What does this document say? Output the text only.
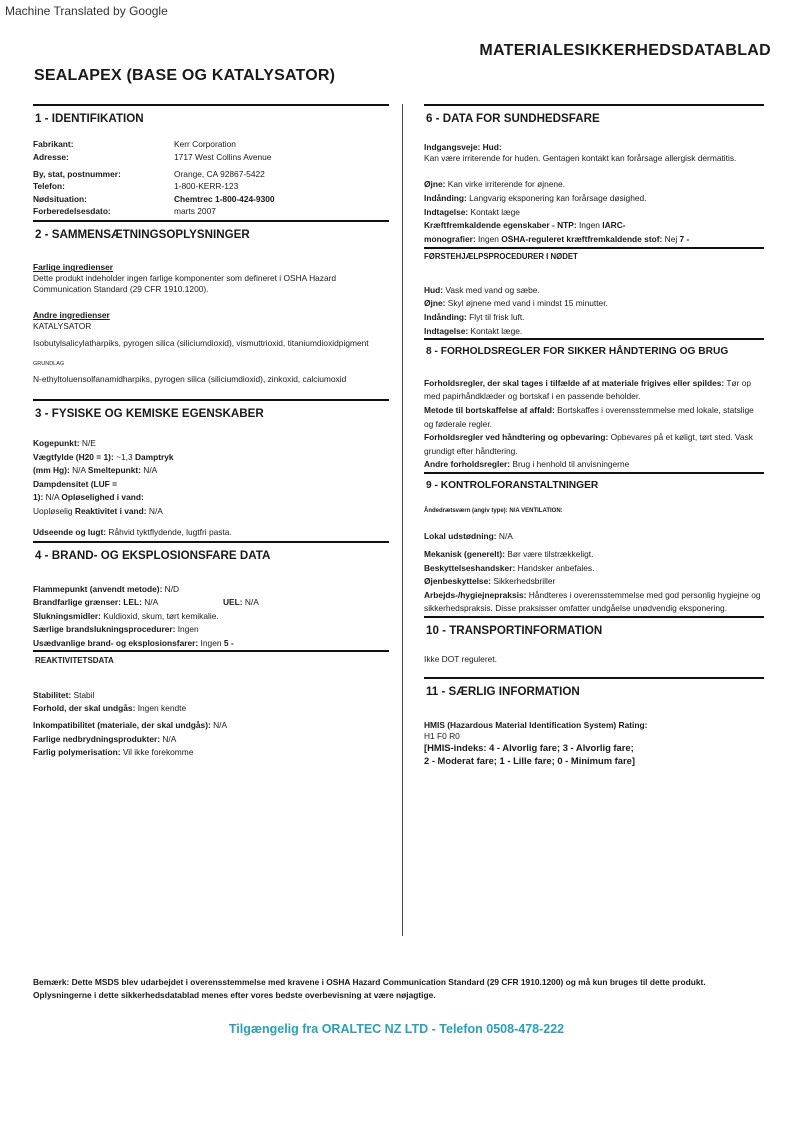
Machine Translated by Google
MATERIALESIKKERHEDSDATABLAD
SEALAPEX (BASE OG KATALYSATOR)
1 - IDENTIFIKATION
Fabrikant:	Kerr Corporation
Adresse:	1717 West Collins Avenue
By, stat, postnummer:	Orange, CA 92867-5422
Telefon:	1-800-KERR-123
Nødsituation:	Chemtrec 1-800-424-9300
Forberedelsesdato:	marts 2007
2 - SAMMENSÆTNINGSOPLYSNINGER

Farlige ingredienser

Dette produkt indeholder ingen farlige komponenter som defineret i OSHA Hazard Communication Standard (29 CFR 1910.1200).

Andre ingredienser

KATALYSATOR

Isobutylsalicylatharpiks, pyrogen silica (siliciumdioxid), vismuttrioxid, titaniumdioxidpigment

GRUNDLAG

N-ethyltoluensolfanamidharpiks, pyrogen silica (siliciumdioxid), zinkoxid, calciumoxid

3 - FYSISKE OG KEMISKE EGENSKABER

Kogepunkt: N/E

Vægtfylde (H20 = 1): ~1,3 Damptryk

(mm Hg): N/A Smeltepunkt: N/A

Dampdensitet (LUF =

1): N/A Opløselighed i vand:

Uopløselig Reaktivitet i vand: N/A

Udseende og lugt: Råhvid tyktflydende, lugtfri pasta.

4 - BRAND- OG EKSPLOSIONSFARE DATA

Flammepunkt (anvendt metode): N/D

Brandfarlige grænser: LEL: N/A	UEL: N/A

Slukningsmidler: Kuldioxid, skum, tørt kemikalie.

Særlige brandslukningsprocedurer: Ingen

Usædvanlige brand- og eksplosionsfarer: Ingen 5 -

REAKTIVITETSDATA

Stabilitet: Stabil

Forhold, der skal undgås: Ingen kendte

Inkompatibilitet (materiale, der skal undgås): N/A

Farlige nedbrydningsprodukter: N/A

Farlig polymerisation: Vil ikke forekomme

6 - DATA FOR SUNDHEDSFARE

Indgangsveje: Hud:

Kan være irriterende for huden. Gentagen kontakt kan forårsage allergisk dermatitis.

Øjne: Kan virke irriterende for øjnene.

Indånding: Langvarig eksponering kan forårsage døsighed.

Indtagelse: Kontakt læge

Kræftfremkaldende egenskaber - NTP: Ingen IARC-

monografier: Ingen OSHA-reguleret kræftfremkaldende stof: Nej 7 -

FØRSTEHJÆLPSPROCEDURER I NØDET

Hud: Vask med vand og sæbe.

Øjne: Skyl øjnene med vand i mindst 15 minutter.

Indånding: Flyt til frisk luft.

Indtagelse: Kontakt læge.

8 - FORHOLDSREGLER FOR SIKKER HÅNDTERING OG BRUG

Forholdsregler, der skal tages i tilfælde af at materiale frigives eller spildes: Tør op med papirhåndklæder og bortskaf i en passende beholder.

Metode til bortskaffelse af affald: Bortskaffes i overensstemmelse med lokale, statslige og føderale regler.

Forholdsregler ved håndtering og opbevaring: Opbevares på et køligt, tørt sted. Vask grundigt efter håndtering.

Andre forholdsregler: Brug i henhold til anvisningerne

9 - KONTROLFORANSTALTNINGER

Åndedrætsværn (angiv type): N/A VENTILATION:

Lokal udstødning: N/A

Mekanisk (generelt): Bør være tilstrækkeligt.

Beskyttelseshandsker: Handsker anbefales.

Øjenbeskyttelse: Sikkerhedsbriller

Arbejds-/hygiejnepraksis: Håndteres i overensstemmelse med god personlig hygiejne og sikkerhedspraksis. Disse praksisser omfatter undgåelse unødvendig eksponering.

10 - TRANSPORTINFORMATION

Ikke DOT reguleret.

11 - SÆRLIG INFORMATION

HMIS (Hazardous Material Identification System) Rating:

H1 F0 R0

[HMIS-indeks: 4 - Alvorlig fare; 3 - Alvorlig fare;

2 - Moderat fare; 1 - Lille fare; 0 - Minimum fare]

Bemærk: Dette MSDS blev udarbejdet i overensstemmelse med kravene i OSHA Hazard Communication Standard (29 CFR 1910.1200) og må kun bruges til dette produkt. Oplysningerne i dette sikkerhedsdatablad menes efter vores bedste overbevisning at være nøjagtige.
Tilgængelig fra ORALTEC NZ LTD - Telefon 0508-478-222
